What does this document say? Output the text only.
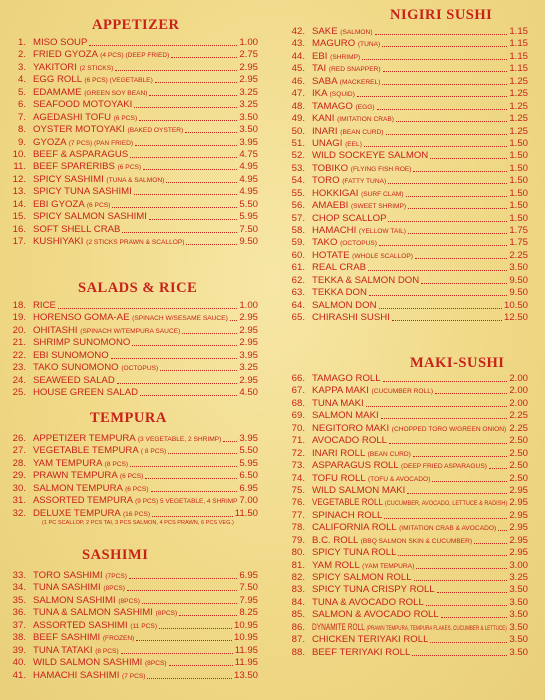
APPETIZER
1. MISO SOUP	1.00
2. FRIED GYOZA (4 PCS) (DEEP FRIED)	2.75
3. YAKITORI (2 STICKS)	2.95
4. EGG ROLL (6 PCS) (VEGETABLE)	2.95
5. EDAMAME (GREEN SOY BEAN)	3.25
6. SEAFOOD MOTOYAKI	3.25
7. AGEDASHI TOFU (6 PCS)	3.50
8. OYSTER MOTOYAKI (BAKED OYSTER)	3.50
9. GYOZA (7 PCS) (PAN FRIED)	3.95
10. BEEF & ASPARAGUS	4.75
11. BEEF SPARERIBS (6 PCS)	4.95
12. SPICY SASHIMI (TUNA & SALMON)	4.95
13. SPICY TUNA SASHIMI	4.95
14. EBI GYOZA (6 PCS)	5.50
15. SPICY SALMON SASHIMI	5.95
16. SOFT SHELL CRAB	7.50
17. KUSHIYAKI (2 STICKS PRAWN & SCALLOP)	9.50
SALADS & RICE
18. RICE	1.00
19. HORENSO GOMA-AE (SPINACH W/SESAME SAUCE) 2.95
20. OHITASHI (SPINACH W/TEMPURA SAUCE)	2.95
21. SHRIMP SUNOMONO	2.95
22. EBI SUNOMONO	3.95
23. TAKO SUNOMONO (OCTOPUS)	3.25
24. SEAWEED SALAD	2.95
25. HOUSE GREEN SALAD	4.50
TEMPURA
26. APPETIZER TEMPURA (3 VEGETABLE, 2 SHRIMP) 3.95
27. VEGETABLE TEMPURA ( 8 PCS)	5.50
28. YAM TEMPURA (8 PCS)	5.95
29. PRAWN TEMPURA (6 PCS)	6.50
30. SALMON TEMPURA (6 PCS)	6.95
31. ASSORTED TEMPURA (9 PCS) 5 VEGETABLE, 4 SHRIMP 7.00
32. DELUXE TEMPURA (16 PCS)	11.50
(1 PC SCALLOP, 2 PCS TAI, 3 PCS SALMON, 4 PCS PRAWN, 6 PCS VEG.)
SASHIMI
33. TORO SASHIMI (7PCS)	6.95
34. TUNA SASHIMI (8PCS)	7.50
35. SALMON SASHIMI (8PCS)	7.95
36. TUNA & SALMON SASHIMI (8PCS)	8.25
37. ASSORTED SASHIMI (11 PCS)	10.95
38. BEEF SASHIMI (FROZEN)	10.95
39. TUNA TATAKI (8 PCS)	11.95
40. WILD SALMON SASHIMI (8PCS)	11.95
41. HAMACHI SASHIMI (7 PCS)	13.50
NIGIRI SUSHI
42. SAKE (SALMON)	1.15
43. MAGURO (TUNA)	1.15
44. EBI (SHRIMP)	1.15
45. TAI (RED SNAPPER)	1.15
46. SABA (MACKEREL)	1.25
47. IKA (SQUID)	1.25
48. TAMAGO (EGG)	1.25
49. KANI (IMITATION CRAB)	1.25
50. INARI (BEAN CURD)	1.25
51. UNAGI (EEL)	1.50
52. WILD SOCKEYE SALMON	1.50
53. TOBIKO (FLYING FISH ROE)	1.50
54. TORO (FATTY TUNA)	1.50
55. HOKKIGAI (SURF CLAM)	1.50
56. AMAEBI (SWEET SHRIMP)	1.50
57. CHOP SCALLOP	1.50
58. HAMACHI (YELLOW TAIL)	1.75
59. TAKO (OCTOPUS)	1.75
60. HOTATE (WHOLE SCALLOP)	2.25
61. REAL CRAB	3.50
62. TEKKA & SALMON DON	9.50
63. TEKKA DON	9.50
64. SALMON DON	10.50
65. CHIRASHI SUSHI	12.50
MAKI-SUSHI
66. TAMAGO ROLL	2.00
67. KAPPA MAKI (CUCUMBER ROLL)	2.00
68. TUNA MAKI	2.00
69. SALMON MAKI	2.25
70. NEGITORO MAKI (CHOPPED TORO W/GREEN ONION) 2.25
71. AVOCADO ROLL	2.50
72. INARI ROLL (BEAN CURD)	2.50
73. ASPARAGUS ROLL (DEEP FRIED ASPARAGUS) 2.50
74. TOFU ROLL (TOFU & AVOCADO)	2.50
75. WILD SALMON MAKI	2.95
76. VEGETABLE ROLL (CUCUMBER, AVOCADO, LETTUCE & RADISH) 2.95
77. SPINACH ROLL	2.95
78. CALIFORNIA ROLL (IMITATION CRAB & AVOCADO) 2.95
79. B.C. ROLL (BBQ SALMON SKIN & CUCUMBER)	2.95
80. SPICY TUNA ROLL	2.95
81. YAM ROLL (YAM TEMPURA)	3.00
82. SPICY SALMON ROLL	3.25
83. SPICY TUNA CRISPY ROLL	3.50
84. TUNA & AVOCADO ROLL	3.50
85. SALMON & AVOCADO ROLL	3.50
86. DYNAMITE ROLL (PRAWN TEMPURA, TEMPURA FLAKES, CUCUMBER & LETTUCE) 3.50
87. CHICKEN TERIYAKI ROLL	3.50
88. BEEF TERIYAKI ROLL	3.50
